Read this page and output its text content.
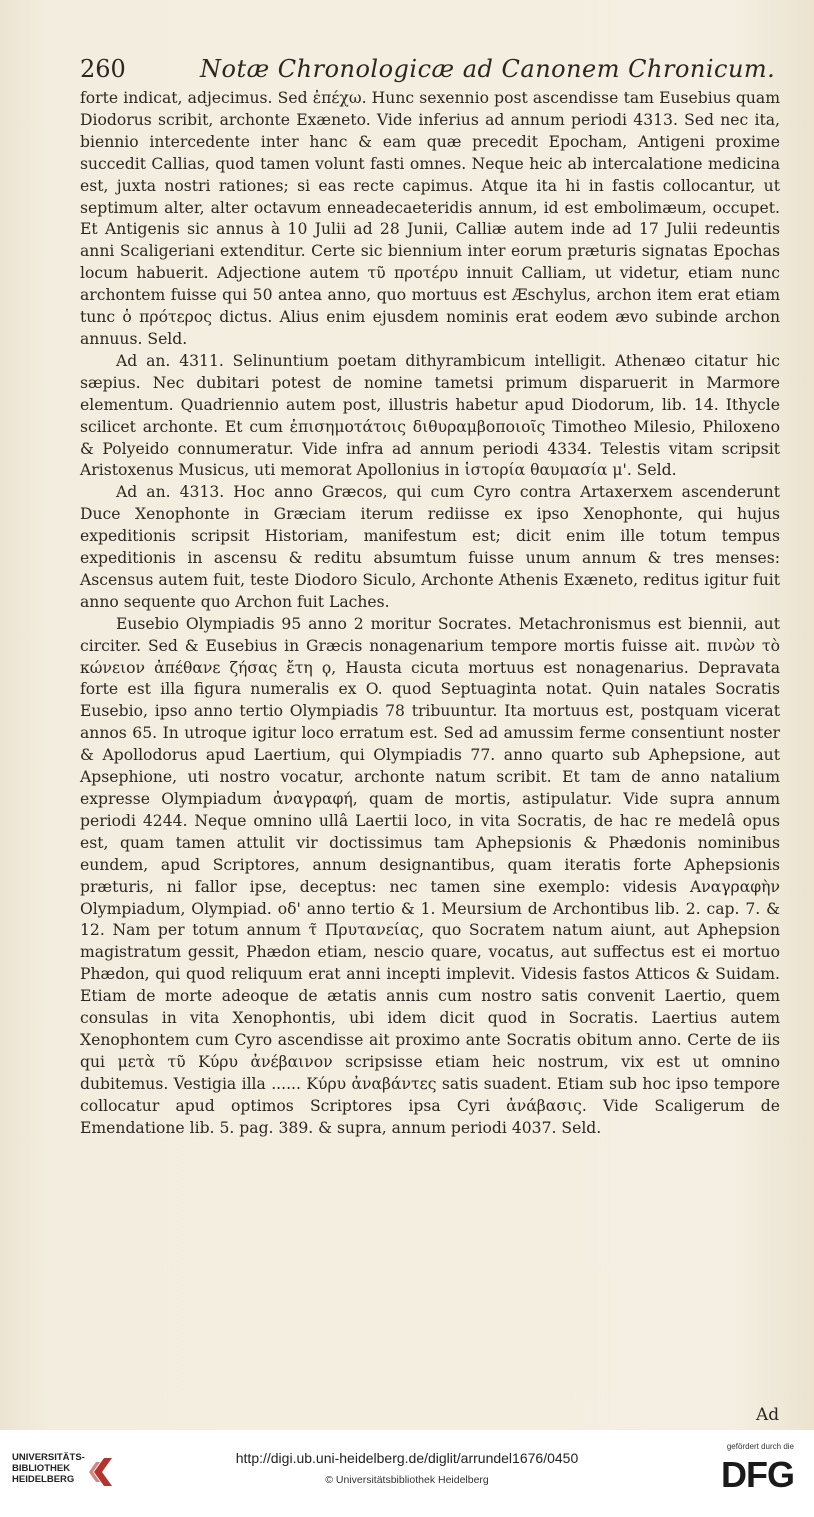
260	Notæ Chronologicæ ad Canonem Chronicum.

forte indicat, adjecimus. Sed ἐπέχω. Hunc sexennio post ascendisse tam Eusebius quam Diodorus scribit, archonte Exæneto. Vide inferius ad annum periodi 4313. Sed nec ita, biennio intercedente inter hanc & eam quæ precedit Epocham, Antigeni proxime succedit Callias, quod tamen volunt fasti omnes. Neque heic ab intercalatione medicina est, juxta nostri rationes; si eas recte capimus. Atque ita hi in fastis collocantur, ut septimum alter, alter octavum enneadecaeteridis annum, id est embolimæum, occupet. Et Antigenis sic annus à 10 Julii ad 28 Junii, Calliæ autem inde ad 17 Julii redeuntis anni Scaligeriani extenditur. Certe sic biennium inter eorum præturis signatas Epochas locum habuerit. Adjectione autem τῦ προτέρυ innuit Calliam, ut videtur, etiam nunc archontem fuisse qui 50 antea anno, quo mortuus est Æschylus, archon item erat etiam tunc ὁ πρότερος dictus. Alius enim ejusdem nominis erat eodem ævo subinde archon annuus. Seld.

Ad an. 4311. Selinuntium poetam dithyrambicum intelligit. Athenæo citatur hic sæpius. Nec dubitari potest de nomine tametsi primum disparuerit in Marmore elementum. Quadriennio autem post, illustris habetur apud Diodorum, lib. 14. Ithycle scilicet archonte. Et cum ἐπισημοτάτοις διθυραμβοποιοῖς Timotheo Milesio, Philoxeno & Polyeido connumeratur. Vide infra ad annum periodi 4334. Telestis vitam scripsit Aristoxenus Musicus, uti memorat Apollonius in ἱστορία θαυμασία μ'. Seld.

Ad an. 4313. Hoc anno Græcos, qui cum Cyro contra Artaxerxem ascenderunt Duce Xenophonte in Græciam iterum rediisse ex ipso Xenophonte, qui hujus expeditionis scripsit Historiam, manifestum est; dicit enim ille totum tempus expeditionis in ascensu & reditu absumtum fuisse unum annum & tres menses: Ascensus autem fuit, teste Diodoro Siculo, Archonte Athenis Exæneto, reditus igitur fuit anno sequente quo Archon fuit Laches.

Eusebio Olympiadis 95 anno 2 moritur Socrates. Metachronismus est biennii, aut circiter. Sed & Eusebius in Græcis nonagenarium tempore mortis fuisse ait. πινὼν τὸ κώνειον ἀπέθανε ζήσας ἔτη ϙ, Hausta cicuta mortuus est nonagenarius. Depravata forte est illa figura numeralis ex O. quod Septuaginta notat. Quin natales Socratis Eusebio, ipso anno tertio Olympiadis 78 tribuuntur. Ita mortuus est, postquam vicerat annos 65. In utroque igitur loco erratum est. Sed ad amussim ferme consentiunt noster & Apollodorus apud Laertium, qui Olympiadis 77. anno quarto sub Aphepsione, aut Apsephione, uti nostro vocatur, archonte natum scribit. Et tam de anno natalium expresse Olympiadum ἀναγραφή, quam de mortis, astipulatur. Vide supra annum periodi 4244. Neque omnino ullâ Laertii loco, in vita Socratis, de hac re medelâ opus est, quam tamen attulit vir doctissimus tam Aphepsionis & Phædonis nominibus eundem, apud Scriptores, annum designantibus, quam iteratis forte Aphepsionis præturis, ni fallor ipse, deceptus: nec tamen sine exemplo: videsis Αναγραφὴν Olympiadum, Olympiad. οδ' anno tertio & 1. Meursium de Archontibus lib. 2. cap. 7. & 12. Nam per totum annum τ̃ Πρυτανείας, quo Socratem natum aiunt, aut Aphepsion magistratum gessit, Phædon etiam, nescio quare, vocatus, aut suffectus est ei mortuo Phædon, qui quod reliquum erat anni incepti implevit. Videsis fastos Atticos & Suidam. Etiam de morte adeoque de ætatis annis cum nostro satis convenit Laertio, quem consulas in vita Xenophontis, ubi idem dicit quod in Socratis. Laertius autem Xenophontem cum Cyro ascendisse ait proximo ante Socratis obitum anno. Certe de iis qui μετὰ τῦ Κύρυ ἀνέβαινον scripsisse etiam heic nostrum, vix est ut omnino dubitemus. Vestigia illa ...... Κύρυ ἀναβάντες satis suadent. Etiam sub hoc ipso tempore collocatur apud optimos Scriptores ipsa Cyri ἀνάβασις. Vide Scaligerum de Emendatione lib. 5. pag. 389. & supra, annum periodi 4037. Seld.

Ad
UNIVERSITÄTS-
BIBLIOTHEK
HEIDELBERG
http://digi.ub.uni-heidelberg.de/diglit/arrundel1676/0450
© Universitätsbibliothek Heidelberg
gefördert durch die
DFG
